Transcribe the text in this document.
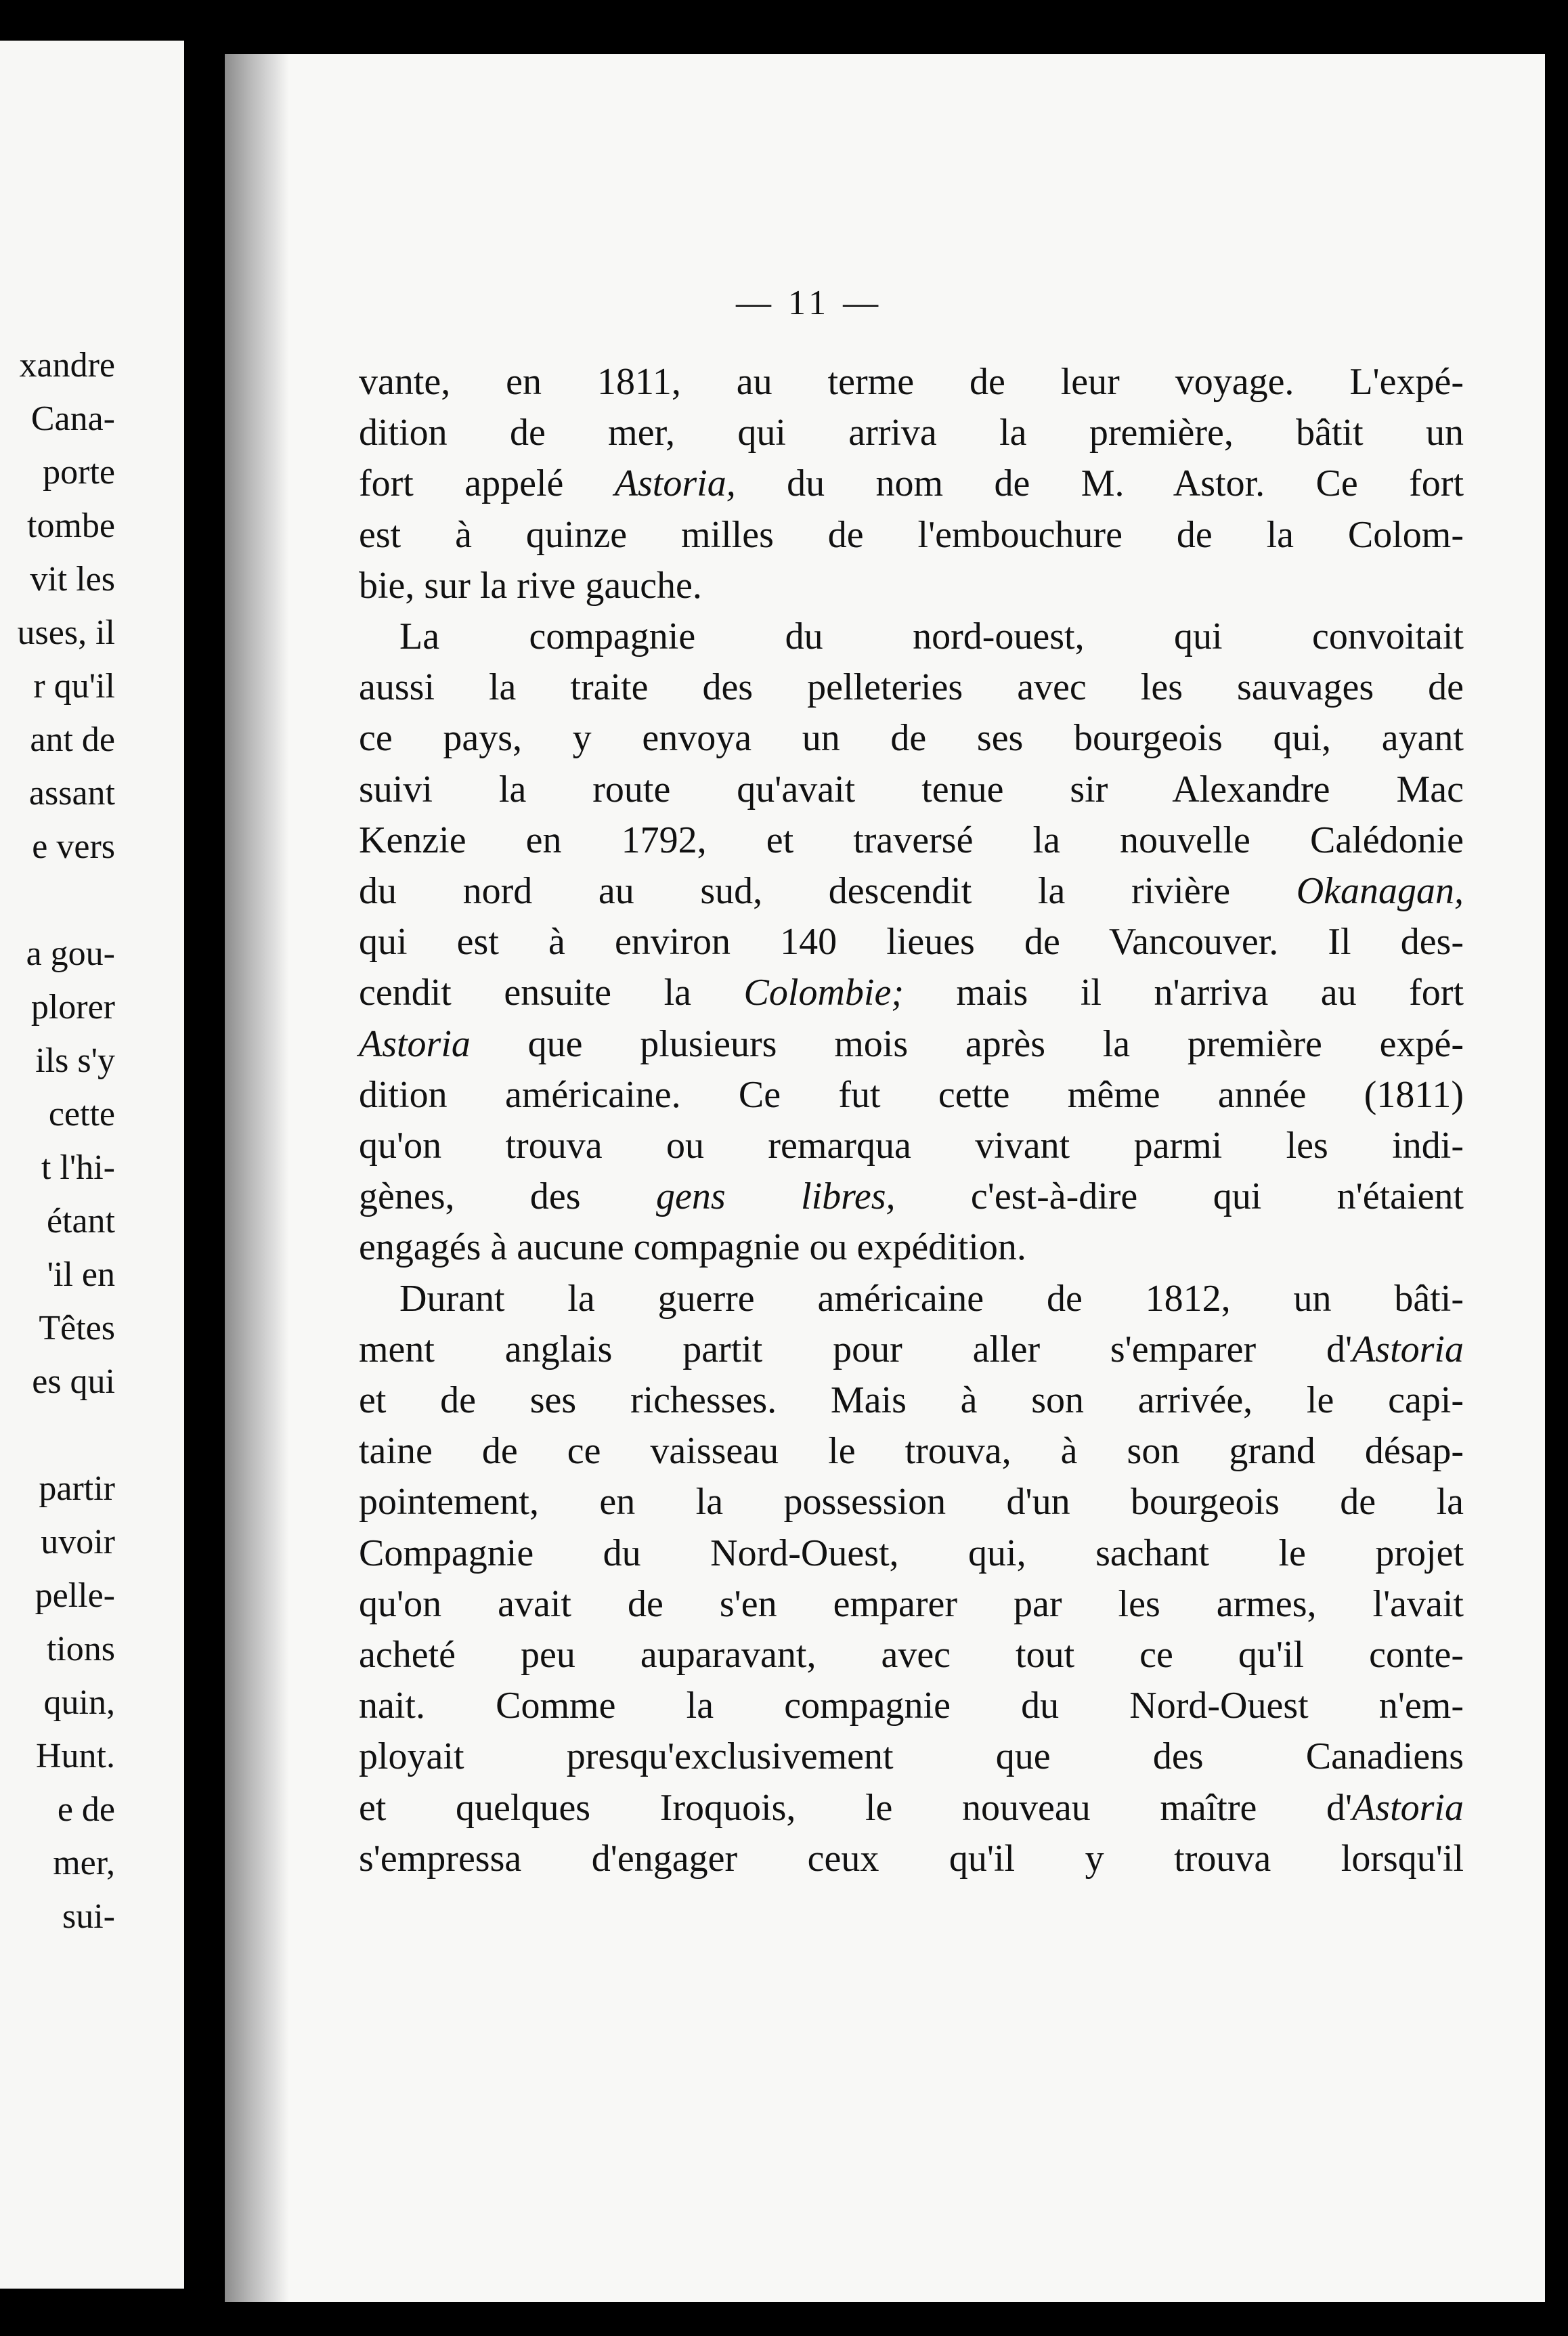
xandre
Cana-
porte
tombe
vit les
uses, il
r qu'il
ant de
assant
e vers
a gou-
plorer
ils s'y
cette
t l'hi-
étant
'il en
Têtes
es qui
partir
uvoir
pelle-
tions
quin,
Hunt.
e de
mer,
sui-
— 11 —
vante, en 1811, au terme de leur voyage. L'expé-
dition de mer, qui arriva la première, bâtit un
fort appelé Astoria, du nom de M. Astor. Ce fort
est à quinze milles de l'embouchure de la Colom-
bie, sur la rive gauche.
La compagnie du nord-ouest, qui convoitait
aussi la traite des pelleteries avec les sauvages de
ce pays, y envoya un de ses bourgeois qui, ayant
suivi la route qu'avait tenue sir Alexandre Mac
Kenzie en 1792, et traversé la nouvelle Calédonie
du nord au sud, descendit la rivière Okanagan,
qui est à environ 140 lieues de Vancouver. Il des-
cendit ensuite la Colombie; mais il n'arriva au fort
Astoria que plusieurs mois après la première expé-
dition américaine. Ce fut cette même année (1811)
qu'on trouva ou remarqua vivant parmi les indi-
gènes, des gens libres, c'est-à-dire qui n'étaient
engagés à aucune compagnie ou expédition.
Durant la guerre américaine de 1812, un bâti-
ment anglais partit pour aller s'emparer d'Astoria
et de ses richesses. Mais à son arrivée, le capi-
taine de ce vaisseau le trouva, à son grand désap-
pointement, en la possession d'un bourgeois de la
Compagnie du Nord-Ouest, qui, sachant le projet
qu'on avait de s'en emparer par les armes, l'avait
acheté peu auparavant, avec tout ce qu'il conte-
nait. Comme la compagnie du Nord-Ouest n'em-
ployait presqu'exclusivement que des Canadiens
et quelques Iroquois, le nouveau maître d'Astoria
s'empressa d'engager ceux qu'il y trouva lorsqu'il
